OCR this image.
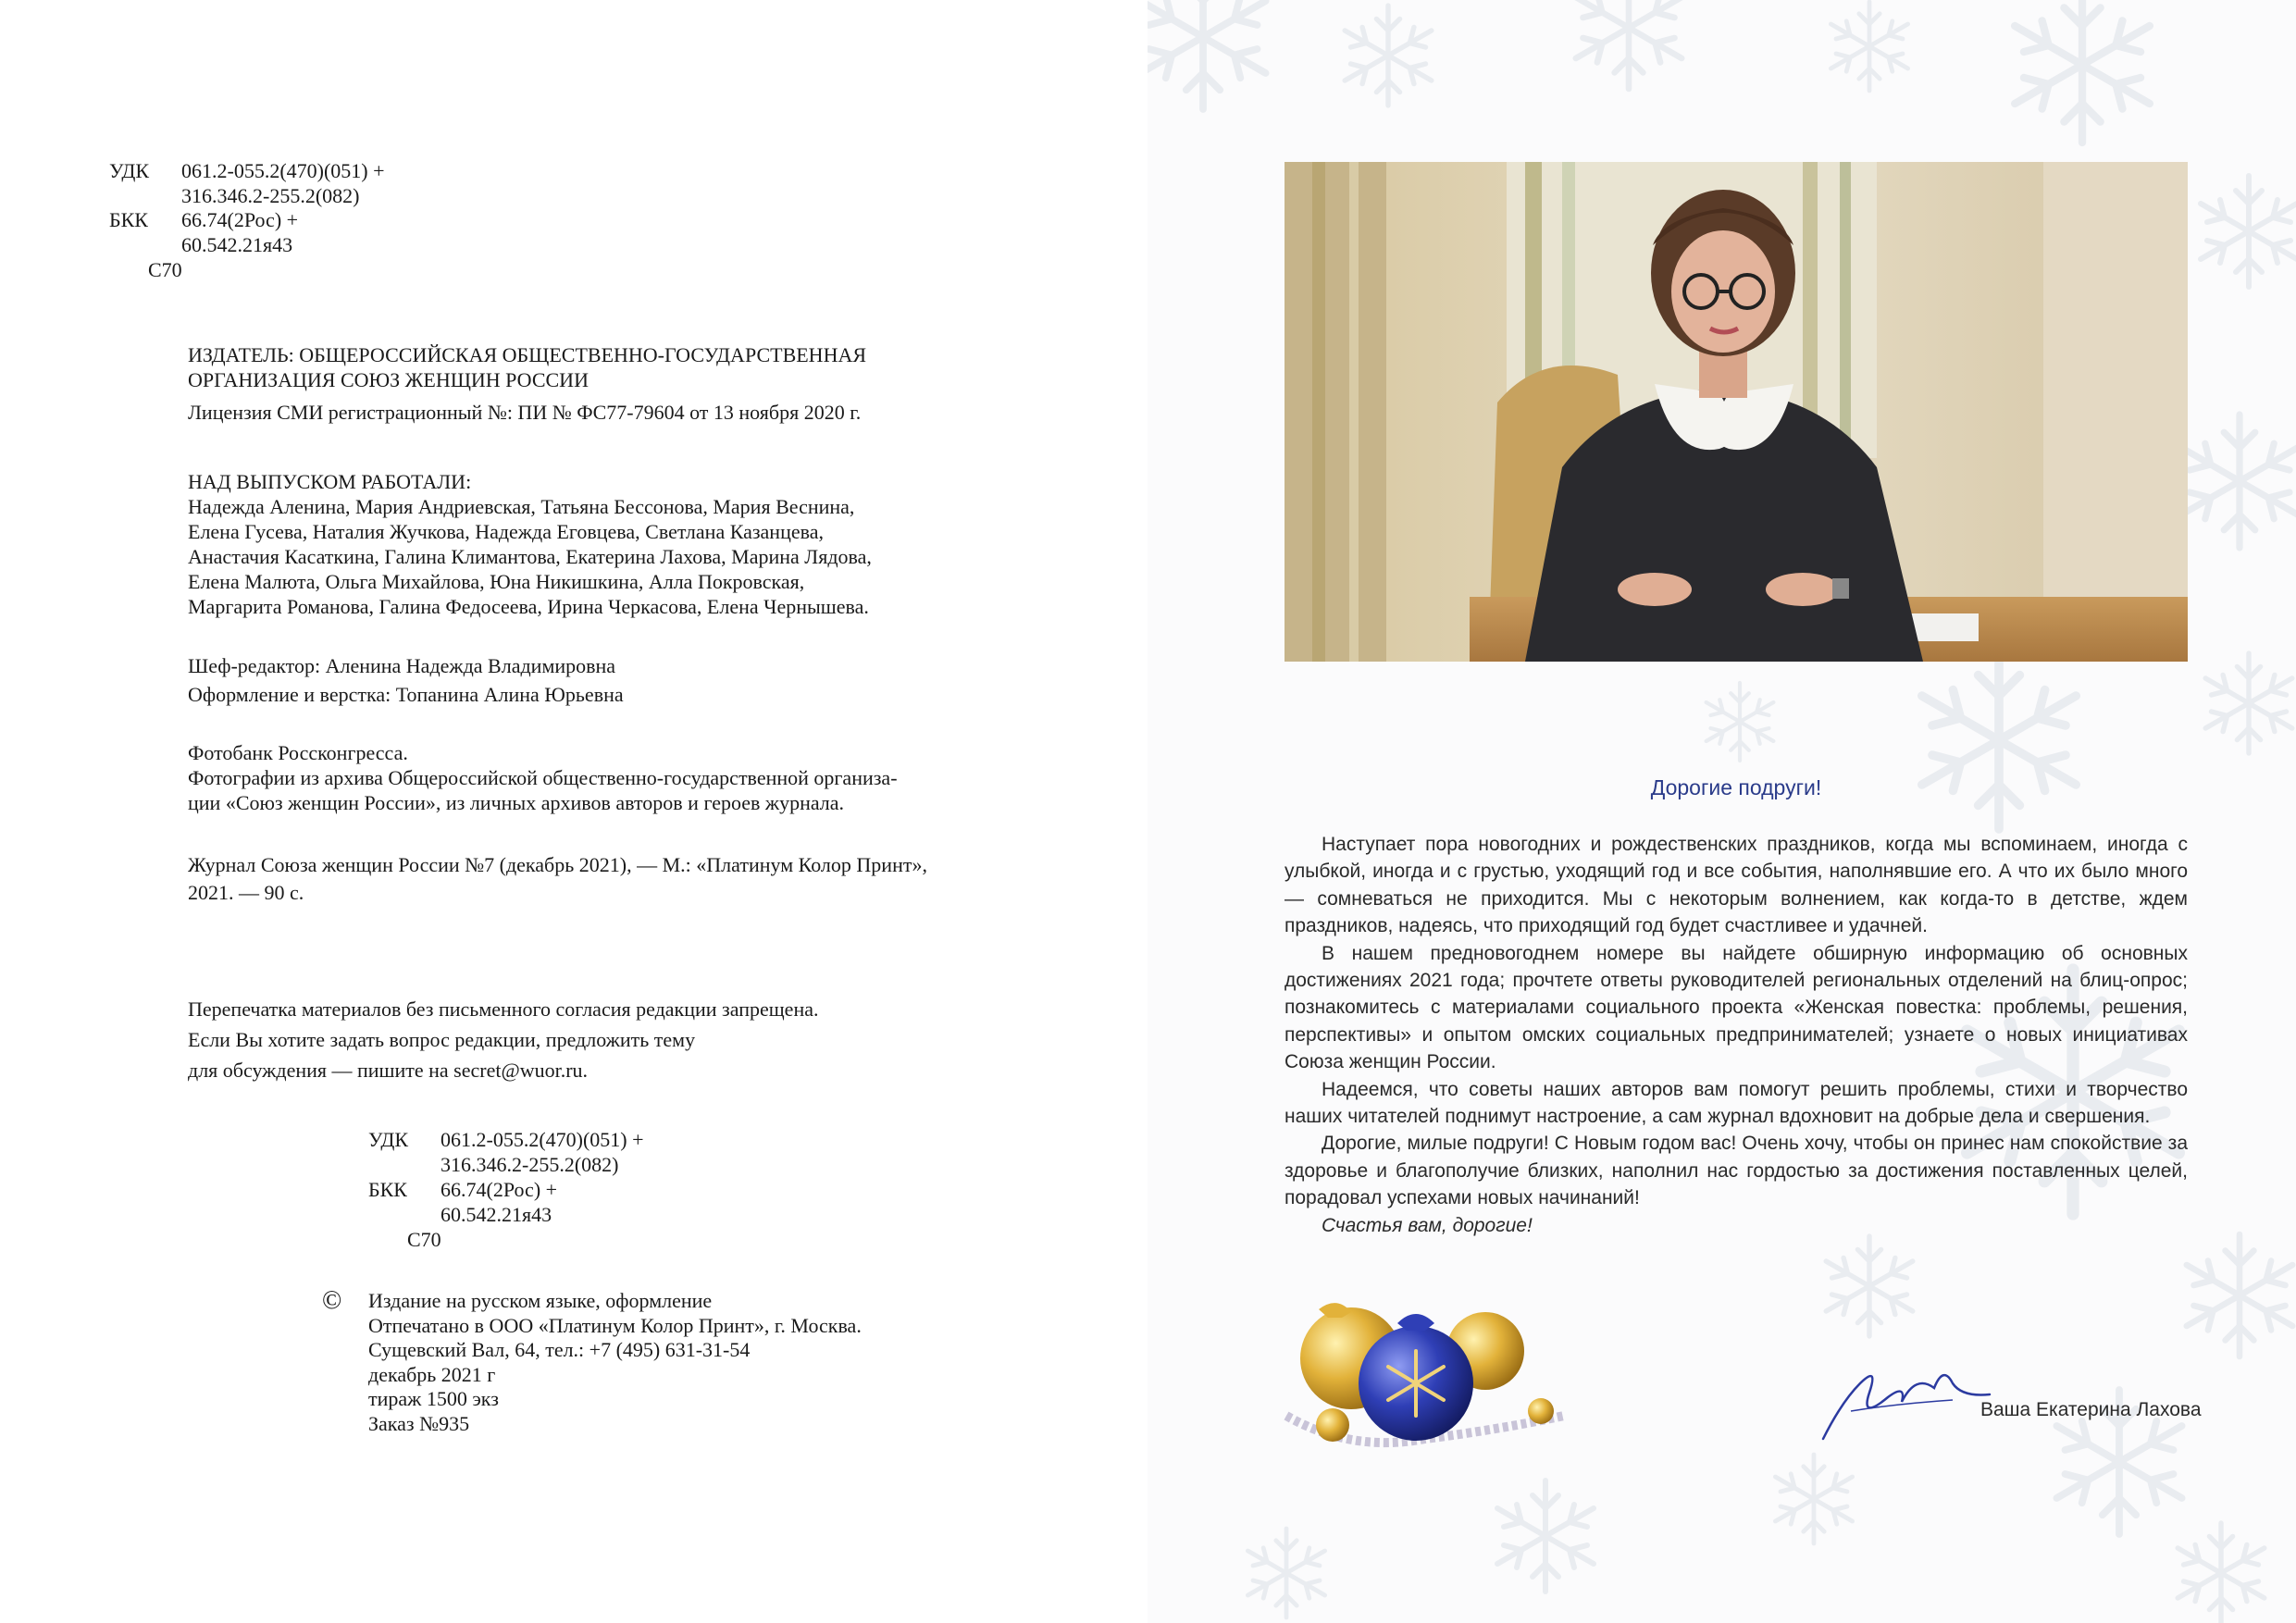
УДК 061.2-055.2(470)(051) +
316.346.2-255.2(082)
БКК 66.74(2Рос) +
60.542.21я43
С70
ИЗДАТЕЛЬ: ОБЩЕРОССИЙСКАЯ ОБЩЕСТВЕННО-ГОСУДАРСТВЕННАЯ
ОРГАНИЗАЦИЯ СОЮЗ ЖЕНЩИН РОССИИ
Лицензия СМИ регистрационный №: ПИ № ФС77-79604 от 13 ноября 2020 г.
НАД ВЫПУСКОМ РАБОТАЛИ:
Надежда Аленина, Мария Андриевская, Татьяна Бессонова, Мария Веснина,
Елена Гусева, Наталия Жучкова, Надежда Еговцева, Светлана Казанцева,
Анастачия Касаткина, Галина Климантова, Екатерина Лахова, Марина Лядова,
Елена Малюта, Ольга Михайлова, Юна Никишкина, Алла Покровская,
Маргарита Романова, Галина Федосеева, Ирина Черкасова, Елена Чернышева.
Шеф-редактор: Аленина Надежда Владимировна
Оформление и верстка: Топанина Алина Юрьевна
Фотобанк Россконгресса.
Фотографии из архива Общероссийской общественно-государственной организа-
ции «Союз женщин России», из личных архивов авторов и героев журнала.
Журнал Союза женщин России №7 (декабрь 2021), — М.: «Платинум Колор Принт»,
2021. — 90 с.
Перепечатка материалов без письменного согласия редакции запрещена.
Если Вы хотите задать вопрос редакции, предложить тему
для обсуждения — пишите на secret@wuor.ru.
УДК 061.2-055.2(470)(051) +
316.346.2-255.2(082)
БКК 66.74(2Рос) +
60.542.21я43
С70
© Издание на русском языке, оформление
Отпечатано в ООО «Платинум Колор Принт», г. Москва.
Сущевский Вал, 64, тел.: +7 (495) 631-31-54
декабрь 2021 г
тираж 1500 экз
Заказ №935
Дорогие подруги!

Наступает пора новогодних и рождественских праздников, когда мы вспоминаем, иногда с улыбкой, иногда и с грустью, уходящий год и все события, наполнявшие его. А что их было много — сомневаться не приходится. Мы с некоторым волнением, как когда-то в детстве, ждем праздников, надеясь, что приходящий год будет счастливее и удачней.

В нашем предновогоднем номере вы найдете обширную информацию об основных достижениях 2021 года; прочтете ответы руководителей региональных отделений на блиц-опрос; познакомитесь с материалами социального проекта «Женская повестка: проблемы, решения, перспективы» и опытом омских социальных предпринимателей; узнаете о новых инициативах Союза женщин России.

Надеемся, что советы наших авторов вам помогут решить проблемы, стихи и творчество наших читателей поднимут настроение, а сам журнал вдохновит на добрые дела и свершения.

Дорогие, милые подруги! С Новым годом вас! Очень хочу, чтобы он принес нам спокойствие за здоровье и благополучие близких, наполнил нас гордостью за достижения поставленных целей, порадовал успехами новых начинаний!

Счастья вам, дорогие!

Ваша Екатерина Лахова
